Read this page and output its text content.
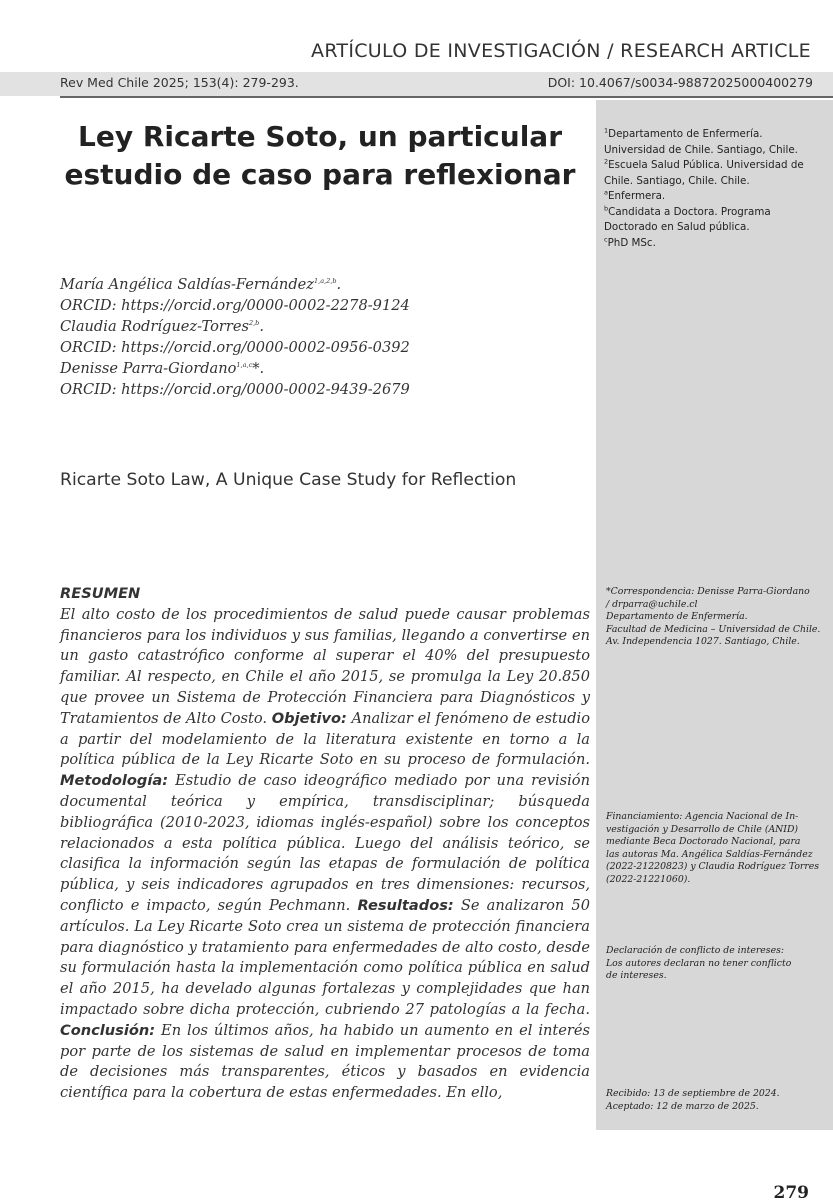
ARTÍCULO DE INVESTIGACIÓN / RESEARCH ARTICLE
Rev Med Chile 2025; 153(4): 279-293.	DOI: 10.4067/s0034-98872025000400279
Ley Ricarte Soto, un particular
estudio de caso para reflexionar
$^1$Departamento de Enfermería.
Universidad de Chile. Santiago, Chile.
$^2$Escuela Salud Pública. Universidad de
Chile. Santiago, Chile. Chile.
$^a$Enfermera.
$^b$Candidata a Doctora. Programa
Doctorado en Salud pública.
$^c$PhD MSc.
María Angélica Saldías-Fernández$^{1,a,2,b}$.
ORCID: https://orcid.org/0000-0002-2278-9124
Claudia Rodríguez-Torres$^{2,b}$.
ORCID: https://orcid.org/0000-0002-0956-0392
Denisse Parra-Giordano$^{1,a,c}$*.
ORCID: https://orcid.org/0000-0002-9439-2679
Ricarte Soto Law, A Unique Case Study for Reflection
RESUMEN
El alto costo de los procedimientos de salud puede causar problemas financieros para los individuos y sus familias, llegando a convertirse en un gasto catastrófico conforme al superar el 40% del presupuesto familiar. Al respecto, en Chile el año 2015, se promulga la Ley 20.850 que provee un Sistema de Protección Financiera para Diagnósticos y Tratamientos de Alto Costo. Objetivo: Analizar el fenómeno de estudio a partir del modelamiento de la literatura existente en torno a la política pública de la Ley Ricarte Soto en su proceso de formulación. Metodología: Estudio de caso ideográfico mediado por una revisión documental teórica y empírica, transdisciplinar; búsqueda bibliográfica (2010-2023, idiomas inglés-español) sobre los conceptos relacionados a esta política pública. Luego del análisis teórico, se clasifica la información según las etapas de formulación de política pública, y seis indicadores agrupados en tres dimensiones: recursos, conflicto e impacto, según Pechmann. Resultados: Se analizaron 50 artículos. La Ley Ricarte Soto crea un sistema de protección financiera para diagnóstico y tratamiento para enfermedades de alto costo, desde su formulación hasta la implementación como política pública en salud el año 2015, ha develado algunas fortalezas y complejidades que han impactado sobre dicha protección, cubriendo 27 patologías a la fecha. Conclusión: En los últimos años, ha habido un aumento en el interés por parte de los sistemas de salud en implementar procesos de toma de decisiones más transparentes, éticos y basados en evidencia científica para la cobertura de estas enfermedades. En ello,
*Correspondencia: Denisse Parra-Giordano
/ drparra@uchile.cl
Departamento de Enfermería.
Facultad de Medicina – Universidad de Chile.
Av. Independencia 1027. Santiago, Chile.
Financiamiento: Agencia Nacional de In-
vestigación y Desarrollo de Chile (ANID)
mediante Beca Doctorado Nacional, para
las autoras Ma. Angélica Saldías-Fernández
(2022-21220823) y Claudia Rodríguez Torres
(2022-21221060).
Declaración de conflicto de intereses:
Los autores declaran no tener conflicto
de intereses.
Recibido: 13 de septiembre de 2024.
Aceptado: 12 de marzo de 2025.
279
